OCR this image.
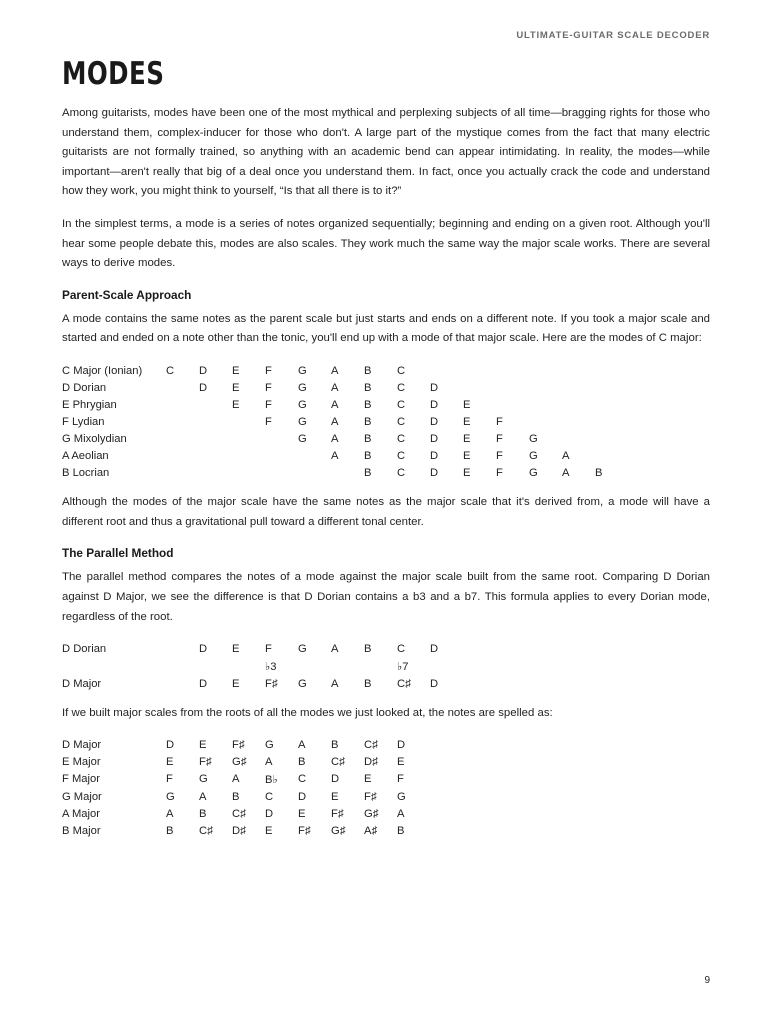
ULTIMATE-GUITAR SCALE DECODER
MODES

Among guitarists, modes have been one of the most mythical and perplexing subjects of all time—bragging rights for those who understand them, complex-inducer for those who don't. A large part of the mystique comes from the fact that many electric guitarists are not formally trained, so anything with an academic bend can appear intimidating. In reality, the modes—while important—aren't really that big of a deal once you understand them. In fact, once you actually crack the code and understand how they work, you might think to yourself, “Is that all there is to it?”

In the simplest terms, a mode is a series of notes organized sequentially; beginning and ending on a given root. Although you'll hear some people debate this, modes are also scales. They work much the same way the major scale works. There are several ways to derive modes.

Parent-Scale Approach

A mode contains the same notes as the parent scale but just starts and ends on a different note. If you took a major scale and started and ended on a note other than the tonic, you'll end up with a mode of that major scale. Here are the modes of C major:

C Major (Ionian)	C	D	E	F	G	A	B	C						
D Dorian		D	E	F	G	A	B	C	D					
E Phrygian			E	F	G	A	B	C	D	E				
F Lydian				F	G	A	B	C	D	E	F			
G Mixolydian					G	A	B	C	D	E	F	G		
A Aeolian						A	B	C	D	E	F	G	A	
B Locrian							B	C	D	E	F	G	A	B

Although the modes of the major scale have the same notes as the major scale that it's derived from, a mode will have a different root and thus a gravitational pull toward a different tonal center.

The Parallel Method

The parallel method compares the notes of a mode against the major scale built from the same root. Comparing D Dorian against D Major, we see the difference is that D Dorian contains a b3 and a b7. This formula applies to every Dorian mode, regardless of the root.

D Dorian		D	E	F	G	A	B	C	D
				♭3				♭7	
D Major		D	E	F♯	G	A	B	C♯	D

If we built major scales from the roots of all the modes we just looked at, the notes are spelled as:

D Major	D	E	F♯	G	A	B	C♯	D
E Major	E	F♯	G♯	A	B	C♯	D♯	E
F Major	F	G	A	B♭	C	D	E	F
G Major	G	A	B	C	D	E	F♯	G
A Major	A	B	C♯	D	E	F♯	G♯	A
B Major	B	C♯	D♯	E	F♯	G♯	A♯	B
9
